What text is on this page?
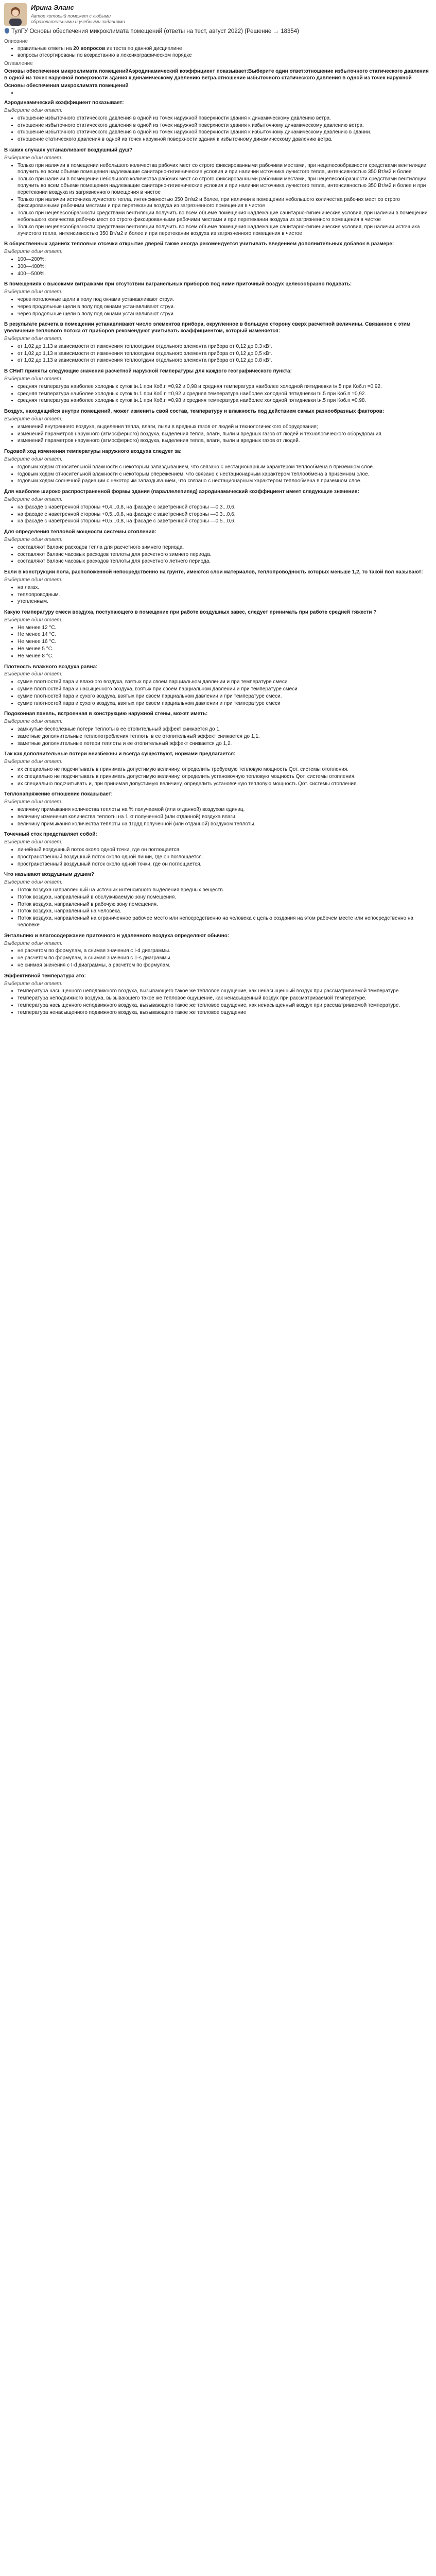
Ирина Эланс
Автор который поможет с любыми образовательными и учебными заданиями
ТулГУ Основы обеспечения микроклимата помещений (ответы на тест, август 2022) (Решение → 18354)
Описание
• правильные ответы на 20 вопросов из теста по данной дисциплине
• вопросы отсортированы по возрастанию в лексикографическом порядке
Оглавление
Основы обеспечения микроклимата помещенийАэродинамический коэффициент показывает:Выберите один ответ:отношение избыточного статического давления в одной из точек наружной поверхности здания к динамическому давлению ветра.отношение избыточного статического давления в одной из точек наружной
Основы обеспечения микроклимата помещений
•
Аэродинамический коэффициент показывает:
Выберите один ответ:
• отношение избыточного статического давления в одной из точек наружной поверхности здания к динамическому давлению ветра.
• отношение избыточного статического давления в одной из точек наружной поверхности здания к избыточному динамическому давлению ветра.
• отношение избыточного статического давления в одной из точек наружной поверхности здания к избыточному динамическому давлению в здании.
• отношение статического давления в одной из точек наружной поверхности здания к избыточному динамическому давлению ветра.
В каких случаях устанавливают воздушный душ?
Выберите один ответ:
• Только при наличии в помещении небольшого количества рабочих мест со строго фиксированными рабочими местами, при нецелесообразности средствами вентиляции получить во всем объеме помещения надлежащие санитарно-гигиенические условия и при наличии источника лучистого тепла, интенсивностью 350 Вт/м2 и более
• Только при наличии в помещении небольшого количества рабочих мест со строго фиксированными рабочими местами, при нецелесообразности средствами вентиляции получить во всем объеме помещения надлежащие санитарно-гигиенические условия и при наличии источника лучистого тепла, интенсивностью 350 Вт/м2 и более и при перетекании воздуха из загрязненного помещения в чистое
• Только при наличии источника лучистого тепла, интенсивностью 350 Вт/м2 и более, при наличии в помещении небольшого количества рабочих мест со строго фиксированными рабочими местами и при перетекании воздуха из загрязненного помещения в чистое
• Только при нецелесообразности средствами вентиляции получить во всем объеме помещения надлежащие санитарно-гигиенические условия, при наличии в помещении небольшого количества рабочих мест со строго фиксированными рабочими местами и при перетекании воздуха из загрязненного помещения в чистое
• Только при нецелесообразности средствами вентиляции получить во всем объеме помещения надлежащие санитарно-гигиенические условия, при наличии источника лучистого тепла, интенсивностью 350 Вт/м2 и более и при перетекании воздуха из загрязненного помещения в чистое
В общественных зданиях тепловые отсечки открытие дверей также иногда рекомендуется учитывать введением дополнительных добавок в размере:
Выберите один ответ:
• 100—200%;
• 300—400%;
• 400—500%.
В помещениях с высокими витражами при отсутствии вагранельных приборов под ними приточный воздух целесообразно подавать:
Выберите один ответ:
• через потолочные щели в полу под окнами устанавливают струи.
• через продольные щели в полу под окнами устанавливают струи.
• через продольные щели в полу под окнами устанавливают струи.
В результате расчета в помещении устанавливают число элементов прибора, округленное в большую сторону сверх расчетной величины. Связанное с этим увеличение теплового потока от приборов рекомендуют учитывать коэффициентом, который изменяется:
Выберите один ответ:
• от 1,02 до 1,13 в зависимости от изменения теплоотдачи отдельного элемента прибора от 0,12 до 0,3 кВт.
• от 1,02 до 1,13 в зависимости от изменения теплоотдачи отдельного элемента прибора от 0,12 до 0,5 кВт.
• от 1,02 до 1,13 в зависимости от изменения теплоотдачи отдельного элемента прибора от 0,12 до 0,8 кВт.
В СНиП приняты следующие значения расчетной наружной температуры для каждого географического пункта:
Выберите один ответ:
• средняя температура наиболее холодных суток tн.1 при Коб.п =0,92 и 0,98 и средняя температура наиболее холодной пятидневки tн.5 при Коб.п =0,92.
• средняя температура наиболее холодных суток tн.1 при Коб.п =0,92 и средняя температура наиболее холодной пятидневки tн.5 при Коб.п =0,92.
• средняя температура наиболее холодных суток tн.1 при Коб.п =0,98 и средняя температура наиболее холодной пятидневки tн.5 при Коб.п =0,98.
Воздух, находящийся внутри помещений, может изменить свой состав, температуру и влажность под действием самых разнообразных факторов:
Выберите один ответ:
• изменений внутреннего воздуха, выделения тепла, влаги, пыли в вредных газов от людей и технологического оборудования;
• изменений параметров наружного (атмосферного) воздуха, выделения тепла, влаги, пыли и вредных газов от людей и технологического оборудования.
• изменений параметров наружного (атмосферного) воздуха, выделения тепла, влаги, пыли и вредных газов от людей.
Годовой ход изменения температуры наружного воздуха следует за:
Выберите один ответ:
• годовым ходом относительной влажности с некоторым запаздыванием, что связано с нестационарным характером теплообмена в приземном слое.
• годовым ходом относительной влажности с некоторым опережением, что связано с нестационарным характером теплообмена в приземном слое.
• годовым ходом солнечной радиации с некоторым запаздыванием, что связано с нестационарным характером теплообмена в приземном слое.
Для наиболее широко распространенной формы здания (параллелепипед) аэродинамический коэффициент имеет следующие значения:
Выберите один ответ:
• на фасаде с наветренной стороны +0,4...0,8, на фасаде с заветренной стороны —0,3...0,6.
• на фасаде с наветренной стороны +0,5...0,8, на фасаде с заветренной стороны —0,3...0,6.
• на фасаде с наветренной стороны +0,5...0,8, на фасаде с заветренной стороны —0,5...0,6.
Для определения тепловой мощности системы отопления:
Выберите один ответ:
• составляют баланс расходов тепла для расчетного зимнего периода.
• составляют баланс часовых расходов теплоты для расчетного зимнего периода.
• составляют баланс часовых расходов теплоты для расчетного летнего периода.
Если в конструкции пола, расположенной непосредственно на грунте, имеются слои материалов, теплопроводность которых меньше 1,2, то такой пол называют:
Выберите один ответ:
• на лагах.
• теплопроводным.
• утепленным.
Какую температуру смеси воздуха, поступающего в помещение при работе воздушных завес, следует принимать при работе средней тяжести ?
Выберите один ответ:
• Не менее 12 °С.
• Не менее 14 °С.
• Не менее 16 °С.
• Не менее 5 °С.
• Не менее 8 °С.
Плотность влажного воздуха равна:
Выберите один ответ:
• сумме плотностей пара и влажного воздуха, взятых при своем парциальном давлении и при температуре смеси
• сумме плотностей пара и насыщенного воздуха, взятых при своем парциальном давлении и при температуре смеси
• сумме плотностей пара и сухого воздуха, взятых при своем парциальном давлении и при температуре смеси.
• сумме плотностей пара и сухого воздуха, взятых при своем парциальном давлении и при температуре смеси
Подоконная панель, встроенная в конструкцию наружной стены, может иметь:
Выберите один ответ:
• замкнутые бесполезные потери теплоты в ее отопительный эффект снижается до 1.
• заметные дополнительные теплопотребления теплоты в ее отопительный эффект снижается до 1,1.
• заметные дополнительные потери теплоты и ее отопительный эффект снижается до 1,2.
Так как дополнительные потери неизбежны и всегда существуют, нормами предлагается:
Выберите один ответ:
• их специально не подсчитывать в принимать допустимую величину, определить требуемую тепловую мощность Qот. системы отопления.
• их специально не подсчитывать в принимать допустимую величину, определить установочную тепловую мощность Qот. системы отопления.
• их специально подсчитывать и, при принимая допустимую величину, определить установочную тепловую мощность Qот. системы отопления.
Теплонапряжение отношение показывает:
Выберите один ответ:
• величину примыкания количества теплоты на % получаемой (или отданной) воздухом единиц.
• величину изменения количества теплоты на 1 кг полученной (или отданной) воздуха влаги.
• величину примыкания количества теплоты на 1грдд полученной (или отданной) воздухом теплоты.
Точечный сток представляет собой:
Выберите один ответ:
• линейный воздушный поток около одной точки, где он поглощается.
• пространственный воздушный поток около одной линии, где он поглощается.
• пространственный воздушный поток около одной точки, где он поглощается.
Что называют воздушным душем?
Выберите один ответ:
• Поток воздуха направленный на источник интенсивного выделения вредных веществ.
• Поток воздуха, направленный в обслуживаемую зону помещения.
• Поток воздуха, направленный в рабочую зону помещения.
• Поток воздуха, направленный на человека.
• Поток воздуха, направленный на ограниченное рабочее место или непосредственно на человека с целью создания на этом рабочем месте или непосредственно на человеке
Энтальпию и влагосодержание приточного и удаленного воздуха определяют обычно:
Выберите один ответ:
• не расчетом по формулам, а снимая значения с I-d диаграммы.
• не расчетом по формулам, а снимая значения с T-s диаграммы.
• не снимая значения с I-d диаграммы, а расчетом по формулам.
Эффективной температура это:
Выберите один ответ:
• температура насыщенного неподвижного воздуха, вызывающего такое же тепловое ощущение, как ненасыщенный воздух при рассматриваемой температуре.
• температура неподвижного воздуха, вызывающего такое же тепловое ощущение, как ненасыщенный воздух при рассматриваемой температуре.
• температура насыщенного неподвижного воздуха, вызывающего такое же тепловое ощущение, как ненасыщенный воздух при рассматриваемой температуре.
• температура ненасыщенного подвижного воздуха, вызывающего такое же тепловое ощущение
